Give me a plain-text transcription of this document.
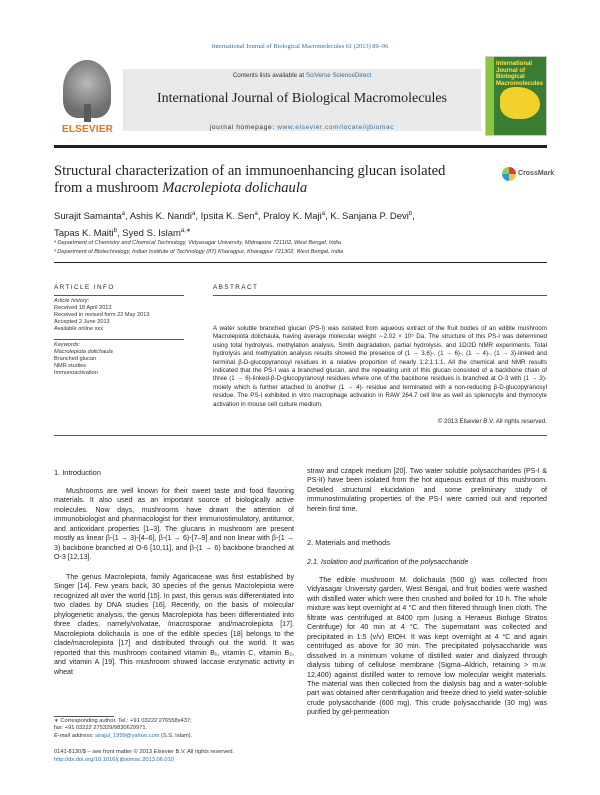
International Journal of Biological Macromolecules 61 (2013) 89–96
ELSEVIER
Contents lists available at SciVerse ScienceDirect
International Journal of Biological Macromolecules
journal homepage: www.elsevier.com/locate/ijbiomac
International Journal of
Biological Macromolecules
Structural characterization of an immunoenhancing glucan isolated
from a mushroom Macrolepiota dolichaula
CrossMark
Surajit Samanta$^a$, Ashis K. Nandi$^a$, Ipsita K. Sen$^a$, Praloy K. Maji$^a$, K. Sanjana P. Devi$^b$,
Tapas K. Maiti$^b$, Syed S. Islam$^{a,∗}$
ᵃ Department of Chemistry and Chemical Technology, Vidyasagar University, Midnapore 721102, West Bengal, India
ᵇ Department of Biotechnology, Indian Institute of Technology (IIT) Kharagpur, Kharagpur 721302, West Bengal, India
ARTICLE INFO	ABSTRACT
Article history:
Received 18 April 2013
Received in revised form 22 May 2013
Accepted 2 June 2013
Available online xxx
Keywords:
Macrolepiota dolichaula
Branched glucan
NMR studies
Immunoactivation
A water soluble branched glucan (PS-I) was isolated from aqueous extract of the fruit bodies of an edible mushroom Macrolepiota dolichaula, having average molecular weight ∼2.02 × 10⁵ Da. The structure of this PS-I was determined using total hydrolysis, methylation analysis, Smith degradation, partial hydrolysis, and 1D/2D NMR experiments. Total hydrolysis and methylation analysis results showed the presence of (1 → 3,6)-, (1 → 6)-, (1 → 4)-, (1 → 3)-linked and terminal β-D-glucopyranosyl residues in a relative proportion of nearly 1:2:1:1:1. All the chemical and NMR results indicated that the PS-I was a branched glucan, and the repeating unit of this glucan consisted of a backbone chain of three (1 → 6)-linked-β-D-glucopyranosyl residues where one of the backbone residues is branched at O-3 with (1 → 3)-moiety which is further attached to another (1 → 4)- residue and terminated with a non-reducing β-D-glucopyranosyl residue. The PS-I exhibited in vitro macrophage activation in RAW 264.7 cell line as well as splenocyte and thymocyte activation in mouse cell culture medium.
© 2013 Elsevier B.V. All rights reserved.
1. Introduction
Mushrooms are well known for their sweet taste and food flavoring materials. It also used as an important source of biologically active molecules. Now days, mushrooms have drawn the attention of immunobiologist and pharmacologist for their immunostimulatory, antitumor, and antioxidant properties [1–3]. The glucans in mushroom are present mostly as linear β-(1 → 3)-[4–6], β-(1 → 6)-[7–9] and non linear with β-(1 → 3) backbone branched at O-6 [10,11], and β-(1 → 6) backbone branched at O-3 [12,13].
The genus Macrolepiota, family Agaricaceae was first established by Singer [14]. Few years back, 30 species of the genus Macrolepiota were recognized all over the world [15]. In past, this genus was differentiated into two clades by DNA studies [16]. Recently, on the basis of molecular phylogenetic analysis, the genus Macrolepiota has been differentiated into three clades, namely/volvatae, /macrosporae and/macrolepiota [17]. Macrolepiota dolichaula is one of the edible species [18] belongs to the clade/macrolepiota [17] and distributed through out the world. It was reported that this mushroom contained vitamin B₁, vitamin C, vitamin B₂, and vitamin A [19]. This mushroom showed laccase enzymatic activity in wheat
straw and czapek medium [20]. Two water soluble polysaccharides (PS-I & PS-II) have been isolated from the hot aqueous extract of this mushroom. Detailed structural elucidation and some preliminary study of immunostimulating properties of the PS-I were carried out and reported herein first time.
2. Materials and methods
2.1. Isolation and purification of the polysaccharide
The edible mushroom M. dolichaula (500 g) was collected from Vidyasagar University garden, West Bengal, and fruit bodies were washed with distilled water which were then crushed and boiled for 10 h. The whole mixture was kept overnight at 4 °C and then filtered through linen cloth. The filtrate was centrifuged at 8400 rpm (using a Heraeus Biofuge Stratos Centrifuge) for 40 min at 4 °C. The supernatant was collected and precipitated in 1:5 (v/v) EtOH. It was kept overnight at 4 °C and again centrifuged as above for 30 min. The precipitated polysaccharide was dissolved in a minimum volume of distilled water and dialyzed through dialysis tubing of cellulose membrane (Sigma–Aldrich, retaining > m.w. 12,400) against distilled water to remove low molecular weight materials. The material was then collected from the dialysis bag and a water-soluble part was obtained after centrifugation and freeze dried to yield water-soluble crude polysaccharide (600 mg). This crude polysaccharide (30 mg) was purified by gel-permeation
∗ Corresponding author. Tel.: +91 03222 276558x437;
fax: +91 03222 275329/9830629971.
E-mail address: sirajul_1999@yahoo.com (S.S. Islam).
0141-8130/$ – see front matter © 2013 Elsevier B.V. All rights reserved.
http://dx.doi.org/10.1016/j.ijbiomac.2013.06.010
